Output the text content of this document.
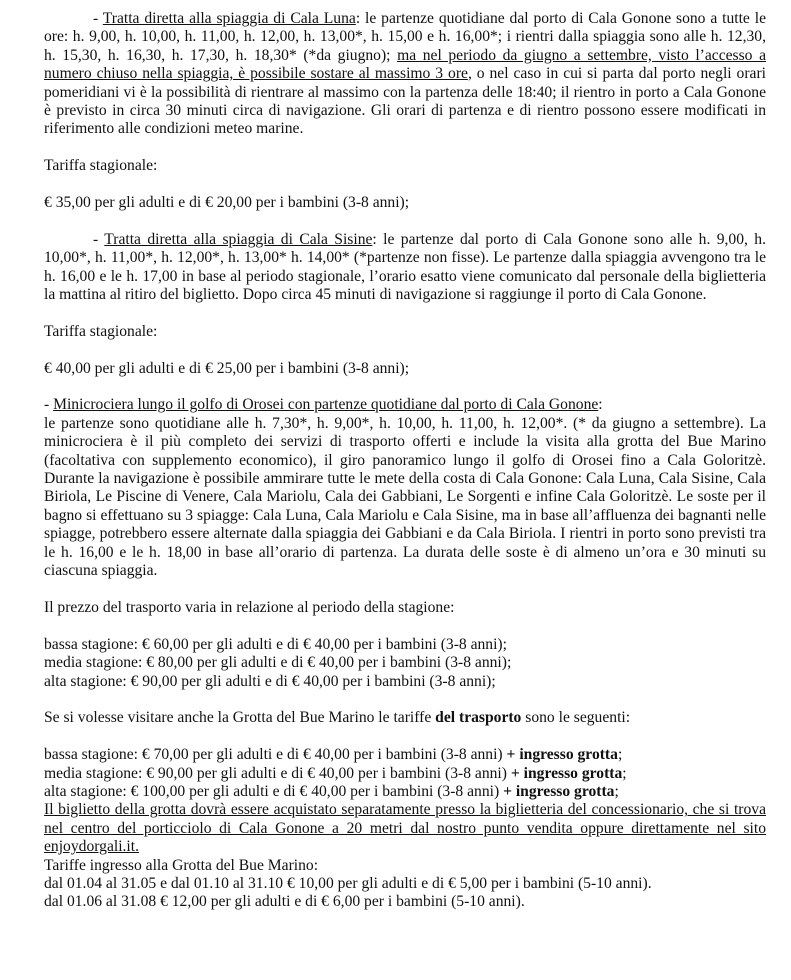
- Tratta diretta alla spiaggia di Cala Luna: le partenze quotidiane dal porto di Cala Gonone sono a tutte le ore: h. 9,00, h. 10,00, h. 11,00, h. 12,00, h. 13,00*, h. 15,00 e h. 16,00*; i rientri dalla spiaggia sono alle h. 12,30, h. 15,30, h. 16,30, h. 17,30, h. 18,30* (*da giugno); ma nel periodo da giugno a settembre, visto l’accesso a numero chiuso nella spiaggia, è possibile sostare al massimo 3 ore, o nel caso in cui si parta dal porto negli orari pomeridiani vi è la possibilità di rientrare al massimo con la partenza delle 18:40; il rientro in porto a Cala Gonone è previsto in circa 30 minuti circa di navigazione. Gli orari di partenza e di rientro possono essere modificati in riferimento alle condizioni meteo marine.

Tariffa stagionale:

€ 35,00 per gli adulti e di € 20,00 per i bambini (3-8 anni);

- Tratta diretta alla spiaggia di Cala Sisine: le partenze dal porto di Cala Gonone sono alle h. 9,00, h. 10,00*, h. 11,00*, h. 12,00*, h. 13,00* h. 14,00* (*partenze non fisse). Le partenze dalla spiaggia avvengono tra le h. 16,00 e le h. 17,00 in base al periodo stagionale, l’orario esatto viene comunicato dal personale della biglietteria la mattina al ritiro del biglietto. Dopo circa 45 minuti di navigazione si raggiunge il porto di Cala Gonone.

Tariffa stagionale:

€ 40,00 per gli adulti e di € 25,00 per i bambini (3-8 anni);

- Minicrociera lungo il golfo di Orosei con partenze quotidiane dal porto di Cala Gonone:

le partenze sono quotidiane alle h. 7,30*, h. 9,00*, h. 10,00, h. 11,00, h. 12,00*. (* da giugno a settembre). La minicrociera è il più completo dei servizi di trasporto offerti e include la visita alla grotta del Bue Marino (facoltativa con supplemento economico), il giro panoramico lungo il golfo di Orosei fino a Cala Goloritzè. Durante la navigazione è possibile ammirare tutte le mete della costa di Cala Gonone: Cala Luna, Cala Sisine, Cala Biriola, Le Piscine di Venere, Cala Mariolu, Cala dei Gabbiani, Le Sorgenti e infine Cala Goloritzè. Le soste per il bagno si effettuano su 3 spiagge: Cala Luna, Cala Mariolu e Cala Sisine, ma in base all’affluenza dei bagnanti nelle spiagge, potrebbero essere alternate dalla spiaggia dei Gabbiani e da Cala Biriola. I rientri in porto sono previsti tra le h. 16,00 e le h. 18,00 in base all’orario di partenza. La durata delle soste è di almeno un’ora e 30 minuti su ciascuna spiaggia.

Il prezzo del trasporto varia in relazione al periodo della stagione:

bassa stagione: € 60,00 per gli adulti e di € 40,00 per i bambini (3-8 anni);

media stagione: € 80,00 per gli adulti e di € 40,00 per i bambini (3-8 anni);

alta stagione: € 90,00 per gli adulti e di € 40,00 per i bambini (3-8 anni);

Se si volesse visitare anche la Grotta del Bue Marino le tariffe del trasporto sono le seguenti:

bassa stagione: € 70,00 per gli adulti e di € 40,00 per i bambini (3-8 anni) + ingresso grotta;

media stagione: € 90,00 per gli adulti e di € 40,00 per i bambini (3-8 anni) + ingresso grotta;

alta stagione: € 100,00 per gli adulti e di € 40,00 per i bambini (3-8 anni) + ingresso grotta;

Il biglietto della grotta dovrà essere acquistato separatamente presso la biglietteria del concessionario, che si trova nel centro del porticciolo di Cala Gonone a 20 metri dal nostro punto vendita oppure direttamente nel sito enjoydorgali.it.

Tariffe ingresso alla Grotta del Bue Marino:

dal 01.04 al 31.05 e dal 01.10 al 31.10 € 10,00 per gli adulti e di € 5,00 per i bambini (5-10 anni).

dal 01.06 al 31.08 € 12,00 per gli adulti e di € 6,00 per i bambini (5-10 anni).
